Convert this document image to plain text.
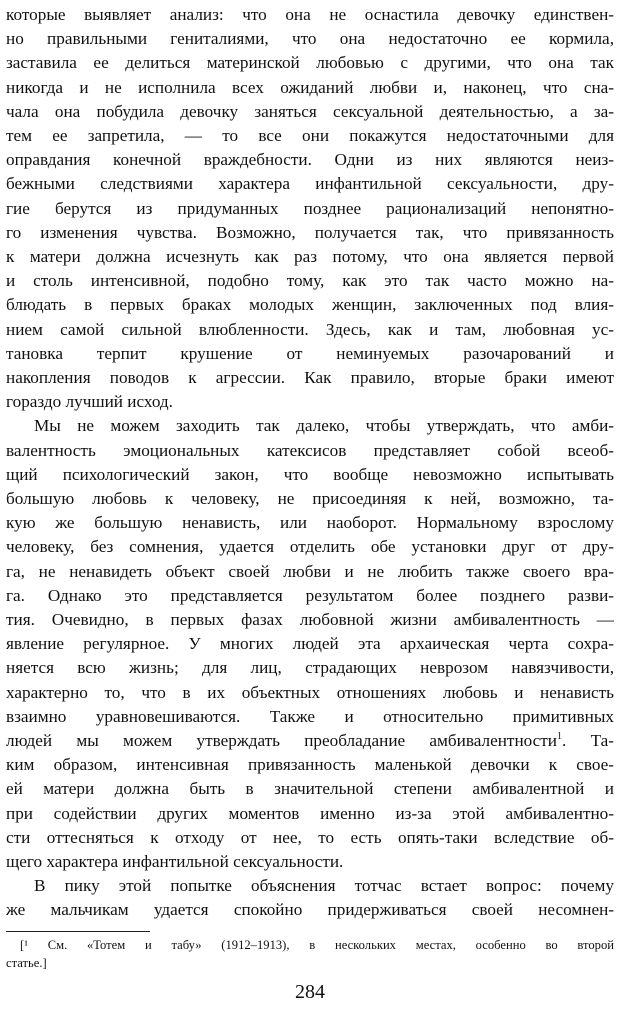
которые выявляет анализ: что она не оснастила девочку единствен-
но правильными гениталиями, что она недостаточно ее кормила,
заставила ее делиться материнской любовью с другими, что она так
никогда и не исполнила всех ожиданий любви и, наконец, что сна-
чала она побудила девочку заняться сексуальной деятельностью, а за-
тем ее запретила, — то все они покажутся недостаточными для
оправдания конечной враждебности. Одни из них являются неиз-
бежными следствиями характера инфантильной сексуальности, дру-
гие берутся из придуманных позднее рационализаций непонятно-
го изменения чувства. Возможно, получается так, что привязанность
к матери должна исчезнуть как раз потому, что она является первой
и столь интенсивной, подобно тому, как это так часто можно на-
блюдать в первых браках молодых женщин, заключенных под влия-
нием самой сильной влюбленности. Здесь, как и там, любовная ус-
тановка терпит крушение от неминуемых разочарований и
накопления поводов к агрессии. Как правило, вторые браки имеют
гораздо лучший исход.
Мы не можем заходить так далеко, чтобы утверждать, что амби-
валентность эмоциональных катексисов представляет собой всеоб-
щий психологический закон, что вообще невозможно испытывать
большую любовь к человеку, не присоединяя к ней, возможно, та-
кую же большую ненависть, или наоборот. Нормальному взрослому
человеку, без сомнения, удается отделить обе установки друг от дру-
га, не ненавидеть объект своей любви и не любить также своего вра-
га. Однако это представляется результатом более позднего разви-
тия. Очевидно, в первых фазах любовной жизни амбивалентность —
явление регулярное. У многих людей эта архаическая черта сохра-
няется всю жизнь; для лиц, страдающих неврозом навязчивости,
характерно то, что в их объектных отношениях любовь и ненависть
взаимно уравновешиваются. Также и относительно примитивных
людей мы можем утверждать преобладание амбивалентности$^1$. Та-
ким образом, интенсивная привязанность маленькой девочки к свое-
ей матери должна быть в значительной степени амбивалентной и
при содействии других моментов именно из-за этой амбивалентно-
сти оттесняться к отходу от нее, то есть опять-таки вследствие об-
щего характера инфантильной сексуальности.
В пику этой попытке объяснения тотчас встает вопрос: почему
же мальчикам удается спокойно придерживаться своей несомнен-
[¹ См. «Тотем и табу» (1912–1913), в нескольких местах, особенно во второй
статье.]
284
